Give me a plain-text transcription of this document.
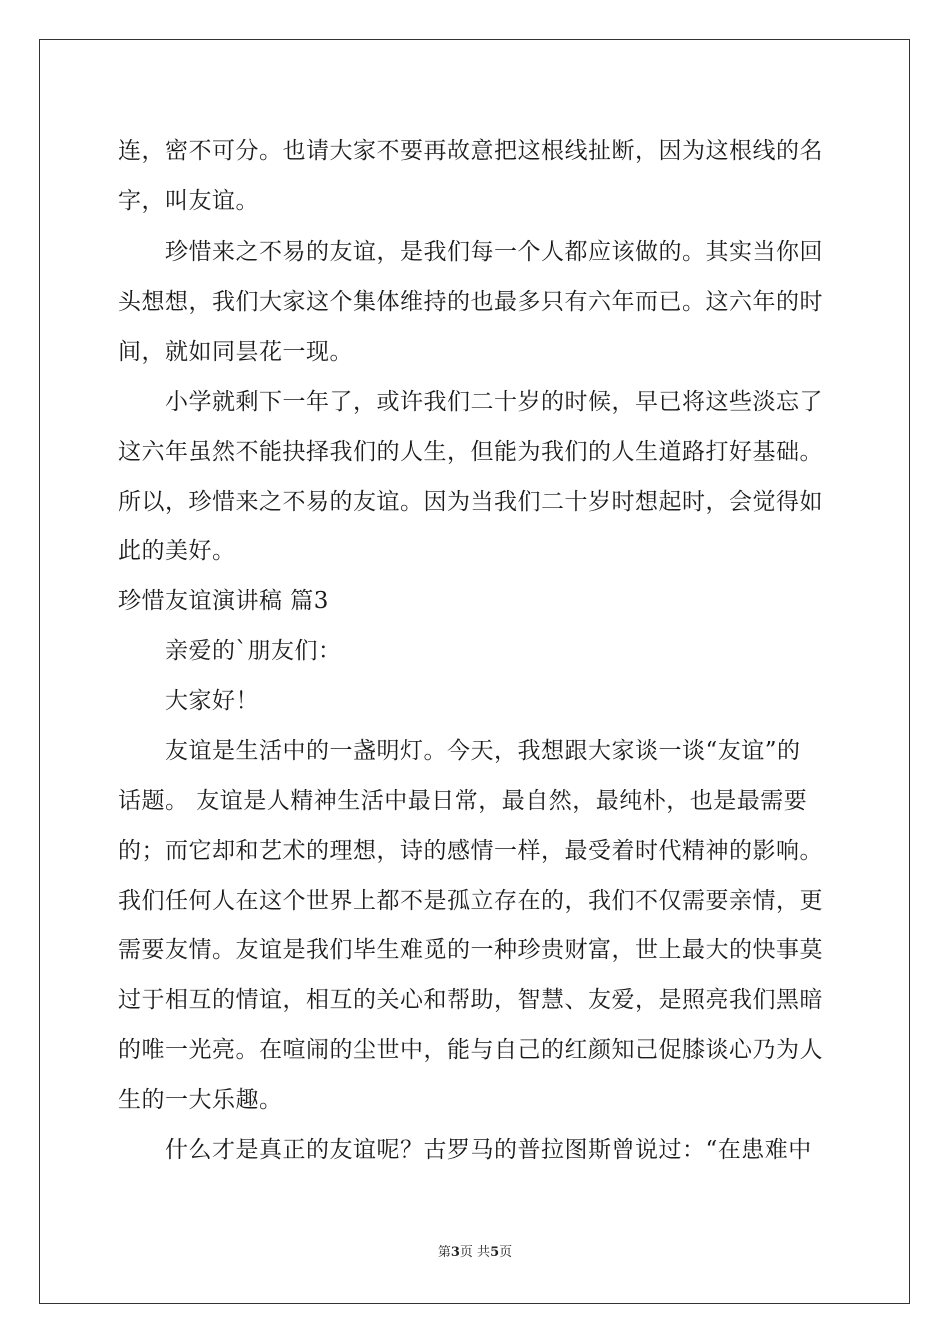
连，密不可分。也请大家不要再故意把这根线扯断，因为这根线的名
字，叫友谊。
珍惜来之不易的友谊，是我们每一个人都应该做的。其实当你回
头想想，我们大家这个集体维持的也最多只有六年而已。这六年的时
间，就如同昙花一现。
小学就剩下一年了，或许我们二十岁的时候，早已将这些淡忘了
这六年虽然不能抉择我们的人生，但能为我们的人生道路打好基础。
所以，珍惜来之不易的友谊。因为当我们二十岁时想起时，会觉得如
此的美好。
珍惜友谊演讲稿 篇3
亲爱的`朋友们：
大家好！
友谊是生活中的一盏明灯。今天，我想跟大家谈一谈“友谊”的
话题。 友谊是人精神生活中最日常，最自然，最纯朴，也是最需要
的；而它却和艺术的理想，诗的感情一样，最受着时代精神的影响。
我们任何人在这个世界上都不是孤立存在的，我们不仅需要亲情，更
需要友情。友谊是我们毕生难觅的一种珍贵财富，世上最大的快事莫
过于相互的情谊，相互的关心和帮助，智慧、友爱，是照亮我们黑暗
的唯一光亮。在喧闹的尘世中，能与自己的红颜知己促膝谈心乃为人
生的一大乐趣。
什么才是真正的友谊呢？古罗马的普拉图斯曾说过：“在患难中
第3页 共5页
